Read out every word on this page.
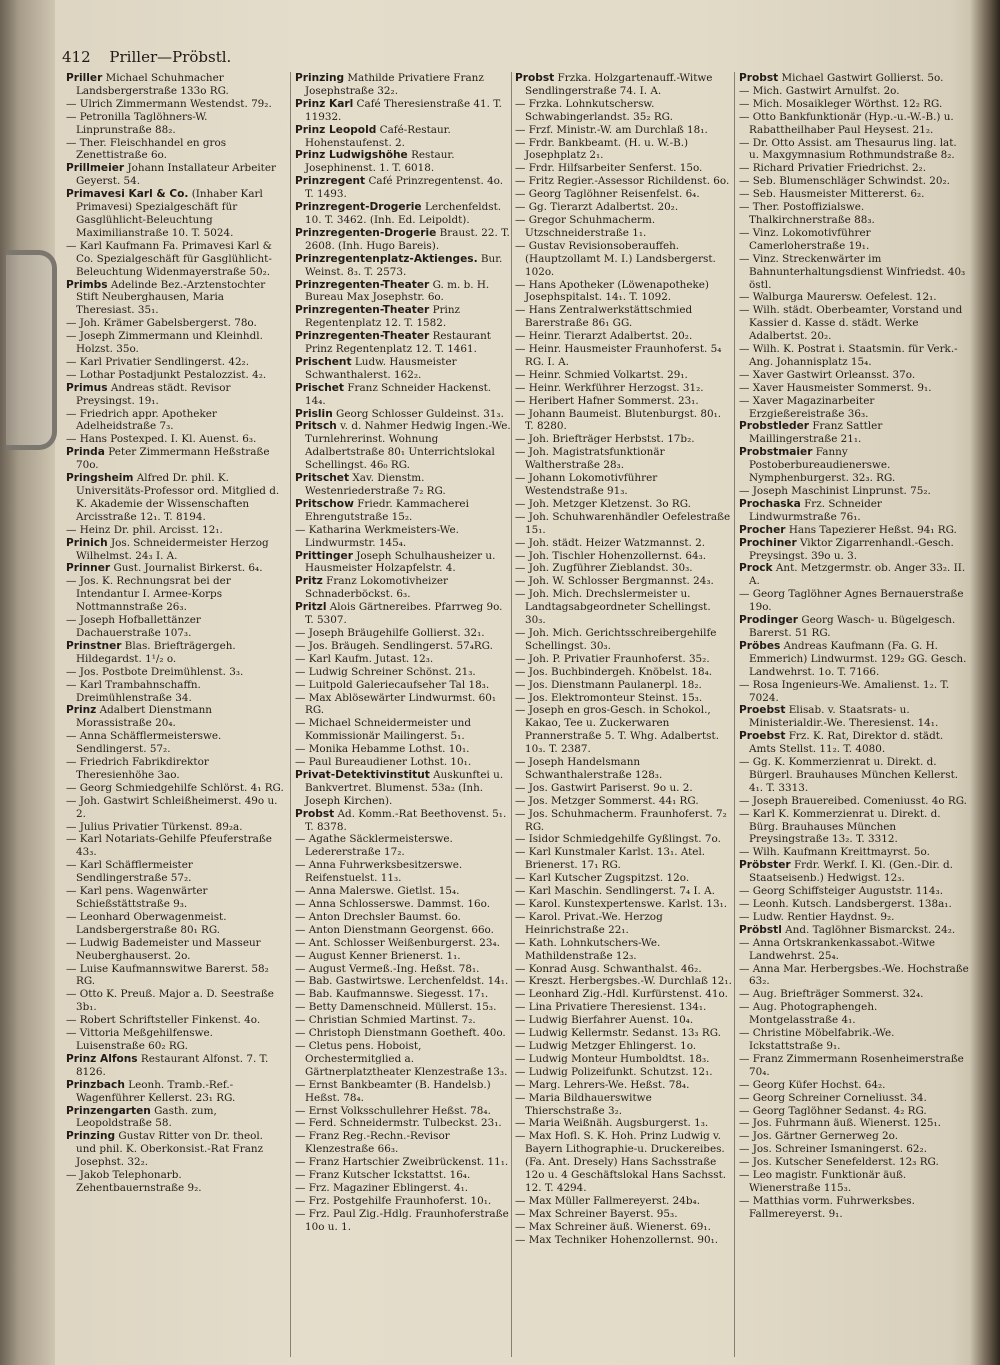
412 Priller—Pröbstl.
Priller Michael Schuhmacher Landsbergerstraße 133o RG.
— Ulrich Zimmermann Westendst. 79₂.
— Petronilla Taglöhners-W. Linprunstraße 88₂.
— Ther. Fleischhandel en gros Zenettistraße 6o.
Prillmeier Johann Installateur Arbeiter Geyerst. 54.
Primavesi Karl & Co. (Inhaber Karl Primavesi) Spezialgeschäft für Gasglühlicht-Beleuchtung Maximilianstraße 10. T. 5024.
— Karl Kaufmann Fa. Primavesi Karl & Co. Spezialgeschäft für Gasglühlicht-Beleuchtung Widenmayerstraße 50₂.
Primbs Adelinde Bez.-Arztenstochter Stift Neuberghausen, Maria Theresiast. 35₁.
— Joh. Krämer Gabelsbergerst. 78o.
— Joseph Zimmermann und Kleinhdl. Holzst. 35o.
— Karl Privatier Sendlingerst. 42₂.
— Lothar Postadjunkt Pestalozzist. 4₂.
Primus Andreas städt. Revisor Preysingst. 19₁.
— Friedrich appr. Apotheker Adelheidstraße 7₃.
— Hans Postexped. I. Kl. Auenst. 6₃.
Prinda Peter Zimmermann Heßstraße 70o.
Pringsheim Alfred Dr. phil. K. Universitäts-Professor ord. Mitglied d. K. Akademie der Wissenschaften Arcisstraße 12₁. T. 8194.
— Heinz Dr. phil. Arcisst. 12₁.
Prinich Jos. Schneidermeister Herzog Wilhelmst. 24₃ I. A.
Prinner Gust. Journalist Birkerst. 6₄.
— Jos. K. Rechnungsrat bei der Intendantur I. Armee-Korps Nottmannstraße 26₃.
— Joseph Hofballettänzer Dachauerstraße 107₃.
Prinstner Blas. Briefträgergeh. Hildegardst. 1¹/₂ o.
— Jos. Postbote Dreimühlenst. 3₃.
— Karl Trambahnschaffn. Dreimühlenstraße 34.
Prinz Adalbert Dienstmann Morassistraße 20₄.
— Anna Schäfflermeisterswe. Sendlingerst. 57₂.
— Friedrich Fabrikdirektor Theresienhöhe 3ao.
— Georg Schmiedgehilfe Schlörst. 4₁ RG.
— Joh. Gastwirt Schleißheimerst. 49o u. 2.
— Julius Privatier Türkenst. 89₂a.
— Karl Notariats-Gehilfe Pfeuferstraße 43₃.
— Karl Schäfflermeister Sendlingerstraße 57₂.
— Karl pens. Wagenwärter Schießstättstraße 9₃.
— Leonhard Oberwagenmeist. Landsbergerstraße 80₁ RG.
— Ludwig Bademeister und Masseur Neuberghauserst. 2o.
— Luise Kaufmannswitwe Barerst. 58₂ RG.
— Otto K. Preuß. Major a. D. Seestraße 3b₁.
— Robert Schriftsteller Finkenst. 4o.
— Vittoria Meßgehilfenswe. Luisenstraße 60₂ RG.
Prinz Alfons Restaurant Alfonst. 7. T. 8126.
Prinzbach Leonh. Tramb.-Ref.-Wagenführer Kellerst. 23₁ RG.
Prinzengarten Gasth. zum, Leopoldstraße 58.
Prinzing Gustav Ritter von Dr. theol. und phil. K. Oberkonsist.-Rat Franz Josephst. 32₂.
— Jakob Telephonarb. Zehentbauernstraße 9₂.
Prinzing Mathilde Privatiere Franz Josephstraße 32₂.
Prinz Karl Café Theresienstraße 41. T. 11932.
Prinz Leopold Café-Restaur. Hohenstaufenst. 2.
Prinz Ludwigshöhe Restaur. Josephinenst. 1. T. 6018.
Prinzregent Café Prinzregentenst. 4o. T. 1493.
Prinzregent-Drogerie Lerchenfeldst. 10. T. 3462. (Inh. Ed. Leipoldt).
Prinzregenten-Drogerie Braust. 22. T. 2608. (Inh. Hugo Bareis).
Prinzregentenplatz-Aktienges. Bur. Weinst. 8₃. T. 2573.
Prinzregenten-Theater G. m. b. H. Bureau Max Josephstr. 6o.
Prinzregenten-Theater Prinz Regentenplatz 12. T. 1582.
Prinzregenten-Theater Restaurant Prinz Regentenplatz 12. T. 1461.
Prischent Ludw. Hausmeister Schwanthalerst. 162₂.
Prischet Franz Schneider Hackenst. 14₄.
Prislin Georg Schlosser Guldeinst. 31₃.
Pritsch v. d. Nahmer Hedwig Ingen.-We. Turnlehrerinst. Wohnung Adalbertstraße 80₁ Unterrichtslokal Schellingst. 46₀ RG.
Pritschet Xav. Dienstm. Westenriederstraße 7₂ RG.
Pritschow Friedr. Kammacherei Ehrengutstraße 15₂.
— Katharina Werkmeisters-We. Lindwurmstr. 145₄.
Prittinger Joseph Schulhausheizer u. Hausmeister Holzapfelstr. 4.
Pritz Franz Lokomotivheizer Schnaderböckst. 6₃.
Pritzl Alois Gärtnereibes. Pfarrweg 9o. T. 5307.
— Joseph Bräugehilfe Gollierst. 32₁.
— Jos. Bräugeh. Sendlingerst. 57₄RG.
— Karl Kaufm. Jutast. 12₃.
— Ludwig Schreiner Schönst. 21₃.
— Luitpold Galeriecaufseher Tal 18₃.
— Max Ablösewärter Lindwurmst. 60₁ RG.
— Michael Schneidermeister und Kommissionär Mailingerst. 5₁.
— Monika Hebamme Lothst. 10₁.
— Paul Bureaudiener Lothst. 10₁.
Privat-Detektivinstitut Auskunftei u. Bankvertret. Blumenst. 53a₂ (Inh. Joseph Kirchen).
Probst Ad. Komm.-Rat Beethovenst. 5₁. T. 8378.
— Agathe Säcklermeisterswe. Ledererstraße 17₂.
— Anna Fuhrwerksbesitzerswe. Reifenstuelst. 11₃.
— Anna Malerswe. Gietlst. 15₄.
— Anna Schlosserswe. Dammst. 16o.
— Anton Drechsler Baumst. 6o.
— Anton Dienstmann Georgenst. 66o.
— Ant. Schlosser Weißenburgerst. 23₄.
— August Kenner Brienerst. 1₁.
— August Vermeß.-Ing. Heßst. 78₁.
— Bab. Gastwirtswe. Lerchenfeldst. 14₁.
— Bab. Kaufmannswe. Siegesst. 17₁.
— Betty Damenschneid. Müllerst. 15₃.
— Christian Schmied Martinst. 7₂.
— Christoph Dienstmann Goetheft. 40o.
— Cletus pens. Hoboist, Orchestermitglied a. Gärtnerplatztheater Klenzestraße 13₃.
— Ernst Bankbeamter (B. Handelsb.) Heßst. 78₄.
— Ernst Volksschullehrer Heßst. 78₄.
— Ferd. Schneidermstr. Tulbeckst. 23₁.
— Franz Reg.-Rechn.-Revisor Klenzestraße 66₃.
— Franz Hartschier Zweibrückenst. 11₁.
— Franz Kutscher Ickstattst. 16₄.
— Frz. Magaziner Eblingerst. 4₁.
— Frz. Postgehilfe Fraunhoferst. 10₁.
— Frz. Paul Zig.-Hdlg. Fraunhoferstraße 10o u. 1.
Probst Frzka. Holzgartenauff.-Witwe Sendlingerstraße 74. I. A.
— Frzka. Lohnkutschersw. Schwabingerlandst. 35₂ RG.
— Frzf. Ministr.-W. am Durchlaß 18₁.
— Frdr. Bankbeamt. (H. u. W.-B.) Josephplatz 2₁.
— Frdr. Hilfsarbeiter Senferst. 15o.
— Fritz Regier.-Assessor Richildenst. 6o.
— Georg Taglöhner Reisenfelst. 6₄.
— Gg. Tierarzt Adalbertst. 20₂.
— Gregor Schuhmacherm. Utzschneiderstraße 1₁.
— Gustav Revisionsoberauffeh.(Hauptzollamt M. I.) Landsbergerst. 102o.
— Hans Apotheker (Löwenapotheke) Josephspitalst. 14₁. T. 1092.
— Hans Zentralwerkstättschmied Barerstraße 86₁ GG.
— Heinr. Tierarzt Adalbertst. 20₂.
— Heinr. Hausmeister Fraunhoferst. 5₄ RG. I. A.
— Heinr. Schmied Volkartst. 29₁.
— Heinr. Werkführer Herzogst. 31₂.
— Heribert Hafner Sommerst. 23₁.
— Johann Baumeist. Blutenburgst. 80₁. T. 8280.
— Joh. Briefträger Herbstst. 17b₂.
— Joh. Magistratsfunktionär Waltherstraße 28₃.
— Johann Lokomotivführer Westendstraße 91₃.
— Joh. Metzger Kletzenst. 3o RG.
— Joh. Schuhwarenhändler Oefelestraße 15₁.
— Joh. städt. Heizer Watzmannst. 2.
— Joh. Tischler Hohenzollernst. 64₃.
— Joh. Zugführer Zieblandst. 30₃.
— Joh. W. Schlosser Bergmannst. 24₃.
— Joh. Mich. Drechslermeister u. Landtagsabgeordneter Schellingst. 30₃.
— Joh. Mich. Gerichtsschreibergehilfe Schellingst. 30₃.
— Joh. P. Privatier Fraunhoferst. 35₂.
— Jos. Buchbindergeh. Knöbelst. 18₄.
— Jos. Dienstmann Paulanerpl. 18₂.
— Jos. Elektromonteur Steinst. 15₃.
— Joseph en gros-Gesch. in Schokol., Kakao, Tee u. Zuckerwaren Prannerstraße 5. T. Whg. Adalbertst. 10₃. T. 2387.
— Joseph Handelsmann Schwanthalerstraße 128₃.
— Jos. Gastwirt Pariserst. 9o u. 2.
— Jos. Metzger Sommerst. 44₁ RG.
— Jos. Schuhmacherm. Fraunhoferst. 7₂ RG.
— Isidor Schmiedgehilfe Gyßlingst. 7o.
— Karl Kunstmaler Karlst. 13₁. Atel. Brienerst. 17₁ RG.
— Karl Kutscher Zugspitzst. 12o.
— Karl Maschin. Sendlingerst. 7₄ I. A.
— Karol. Kunstexpertenswe. Karlst. 13₁.
— Karol. Privat.-We. Herzog Heinrichstraße 22₁.
— Kath. Lohnkutschers-We. Mathildenstraße 12₃.
— Konrad Ausg. Schwanthalst. 46₂.
— Kreszt. Herbergsbes.-W. Durchlaß 12₁.
— Leonhard Zig.-Hdl. Kurfürstenst. 41o.
— Lina Privatiere Theresienst. 134₁.
— Ludwig Bierfahrer Auenst. 10₄.
— Ludwig Kellermstr. Sedanst. 13₃ RG.
— Ludwig Metzger Ehlingerst. 1o.
— Ludwig Monteur Humboldtst. 18₃.
— Ludwig Polizeifunkt. Schutzst. 12₁.
— Marg. Lehrers-We. Heßst. 78₄.
— Maria Bildhauerswitwe Thierschstraße 3₂.
— Maria Weißnäh. Augsburgerst. 1₃.
— Max Hofl. S. K. Hoh. Prinz Ludwig v. Bayern Lithographie-u. Druckereibes. (Fa. Ant. Dresely) Hans Sachsstraße 12o u. 4 Geschäftslokal Hans Sachsst. 12. T. 4294.
— Max Müller Fallmereyerst. 24b₄.
— Max Schreiner Bayerst. 95₃.
— Max Schreiner äuß. Wienerst. 69₁.
— Max Techniker Hohenzollernst. 90₁.
Probst Michael Gastwirt Gollierst. 5o.
— Mich. Gastwirt Arnulfst. 2o.
— Mich. Mosaikleger Wörthst. 12₂ RG.
— Otto Bankfunktionär (Hyp.-u.-W.-B.) u. Rabattheilhaber Paul Heysest. 21₂.
— Dr. Otto Assist. am Thesaurus ling. lat. u. Maxgymnasium Rothmundstraße 8₂.
— Richard Privatier Friedrichst. 2₂.
— Seb. Blumenschläger Schwindst. 20₂.
— Seb. Hausmeister Mittererst. 6₂.
— Ther. Postoffizialswe. Thalkirchnerstraße 88₃.
— Vinz. Lokomotivführer Camerloherstraße 19₁.
— Vinz. Streckenwärter im Bahnunterhaltungsdienst Winfriedst. 40₃ östl.
— Walburga Maurersw. Oefelest. 12₁.
— Wilh. städt. Oberbeamter, Vorstand und Kassier d. Kasse d. städt. Werke Adalbertst. 20₂.
— Wilh. K. Postrat i. Staatsmin. für Verk.-Ang. Johannisplatz 15₄.
— Xaver Gastwirt Orleansst. 37o.
— Xaver Hausmeister Sommerst. 9₁.
— Xaver Magazinarbeiter Erzgießereistraße 36₃.
Probstleder Franz Sattler Maillingerstraße 21₁.
Probstmaier Fanny Postoberbureaudienerswe. Nymphenburgerst. 32₃. RG.
— Joseph Maschinist Linprunst. 75₂.
Prochaska Frz. Schneider Lindwurmstraße 76₁.
Procher Hans Tapezierer Heßst. 94₁ RG.
Prochiner Viktor Zigarrenhandl.-Gesch. Preysingst. 39o u. 3.
Prock Ant. Metzgermstr. ob. Anger 33₂. II. A.
— Georg Taglöhner Agnes Bernauerstraße 19o.
Prodinger Georg Wasch- u. Bügelgesch. Barerst. 51 RG.
Pröbes Andreas Kaufmann (Fa. G. H. Emmerich) Lindwurmst. 129₂ GG. Gesch. Landwehrst. 1o. T. 7166.
— Rosa Ingenieurs-We. Amalienst. 1₂. T. 7024.
Proebst Elisab. v. Staatsrats- u. Ministerialdir.-We. Theresienst. 14₁.
Proebst Frz. K. Rat, Direktor d. städt. Amts Stellst. 11₂. T. 4080.
— Gg. K. Kommerzienrat u. Direkt. d. Bürgerl. Brauhauses München Kellerst. 4₁. T. 3313.
— Joseph Brauereibed. Comeniusst. 4o RG.
— Karl K. Kommerzienrat u. Direkt. d. Bürg. Brauhauses München Preysingstraße 13₂. T. 3312.
— Wilh. Kaufmann Kreittmayrst. 5o.
Pröbster Frdr. Werkf. I. Kl. (Gen.-Dir. d. Staatseisenb.) Hedwigst. 12₃.
— Georg Schiffsteiger Auguststr. 114₃.
— Leonh. Kutsch. Landsbergerst. 138a₁.
— Ludw. Rentier Haydnst. 9₂.
Pröbstl And. Taglöhner Bismarckst. 24₂.
— Anna Ortskrankenkassabot.-Witwe Landwehrst. 25₄.
— Anna Mar. Herbergsbes.-We. Hochstraße 63₂.
— Aug. Briefträger Sommerst. 32₄.
— Aug. Photographengeh. Montgelasstraße 4₁.
— Christine Möbelfabrik.-We. Ickstattstraße 9₁.
— Franz Zimmermann Rosenheimerstraße 70₄.
— Georg Küfer Hochst. 64₂.
— Georg Schreiner Corneliusst. 34.
— Georg Taglöhner Sedanst. 4₂ RG.
— Jos. Fuhrmann äuß. Wienerst. 125₁.
— Jos. Gärtner Gernerweg 2o.
— Jos. Schreiner Ismaningerst. 62₂.
— Jos. Kutscher Senefelderst. 12₃ RG.
— Leo magistr. Funktionär äuß. Wienerstraße 115₃.
— Matthias vorm. Fuhrwerksbes. Fallmereyerst. 9₁.
